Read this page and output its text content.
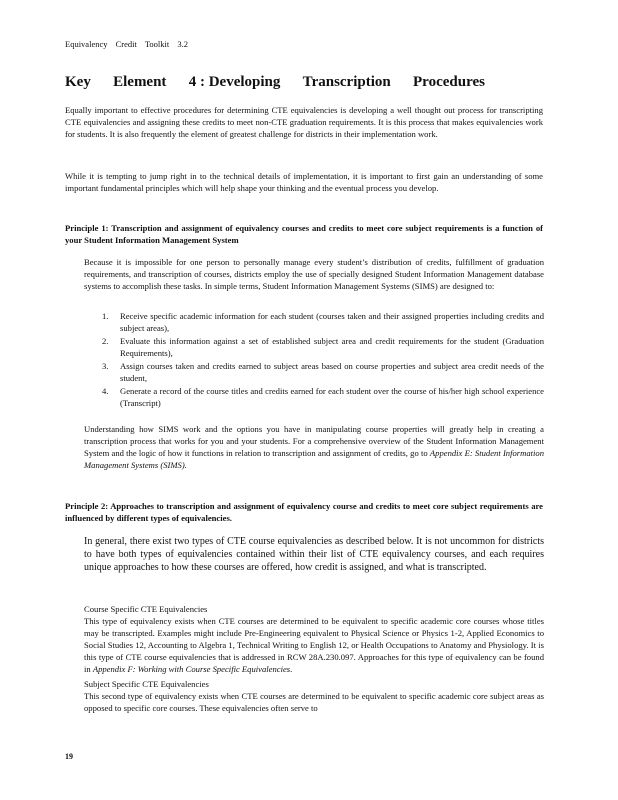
Equivalency Credit Toolkit 3.2
Key Element 4 : Developing Transcription Procedures

Equally important to effective procedures for determining CTE equivalencies is developing a well thought out process for transcripting CTE equivalencies and assigning these credits to meet non-CTE graduation requirements. It is this process that makes equivalencies work for students. It is also frequently the element of greatest challenge for districts in their implementation work.

While it is tempting to jump right in to the technical details of implementation, it is important to first gain an understanding of some important fundamental principles which will help shape your thinking and the eventual process you develop.

Principle 1: Transcription and assignment of equivalency courses and credits to meet core subject requirements is a function of your Student Information Management System

Because it is impossible for one person to personally manage every student’s distribution of credits, fulfillment of graduation requirements, and transcription of courses, districts employ the use of specially designed Student Information Management database systems to accomplish these tasks. In simple terms, Student Information Management Systems (SIMS) are designed to:

1. Receive specific academic information for each student (courses taken and their assigned properties including credits and subject areas),
2. Evaluate this information against a set of established subject area and credit requirements for the student (Graduation Requirements),
3. Assign courses taken and credits earned to subject areas based on course properties and subject area credit needs of the student,
4. Generate a record of the course titles and credits earned for each student over the course of his/her high school experience (Transcript)

Understanding how SIMS work and the options you have in manipulating course properties will greatly help in creating a transcription process that works for you and your students. For a comprehensive overview of the Student Information Management System and the logic of how it functions in relation to transcription and assignment of credits, go to Appendix E: Student Information Management Systems (SIMS).

Principle 2: Approaches to transcription and assignment of equivalency course and credits to meet core subject requirements are influenced by different types of equivalencies.

In general, there exist two types of CTE course equivalencies as described below. It is not uncommon for districts to have both types of equivalencies contained within their list of CTE equivalency courses, and each requires unique approaches to how these courses are offered, how credit is assigned, and what is transcripted.

Course Specific CTE Equivalencies

This type of equivalency exists when CTE courses are determined to be equivalent to specific academic core courses whose titles may be transcripted. Examples might include Pre-Engineering equivalent to Physical Science or Physics 1-2, Applied Economics to Social Studies 12, Accounting to Algebra 1, Technical Writing to English 12, or Health Occupations to Anatomy and Physiology. It is this type of CTE course equivalencies that is addressed in RCW 28A.230.097. Approaches for this type of equivalency can be found in Appendix F: Working with Course Specific Equivalencies.

Subject Specific CTE Equivalencies

This second type of equivalency exists when CTE courses are determined to be equivalent to specific academic core subject areas as opposed to specific core courses. These equivalencies often serve to

19
